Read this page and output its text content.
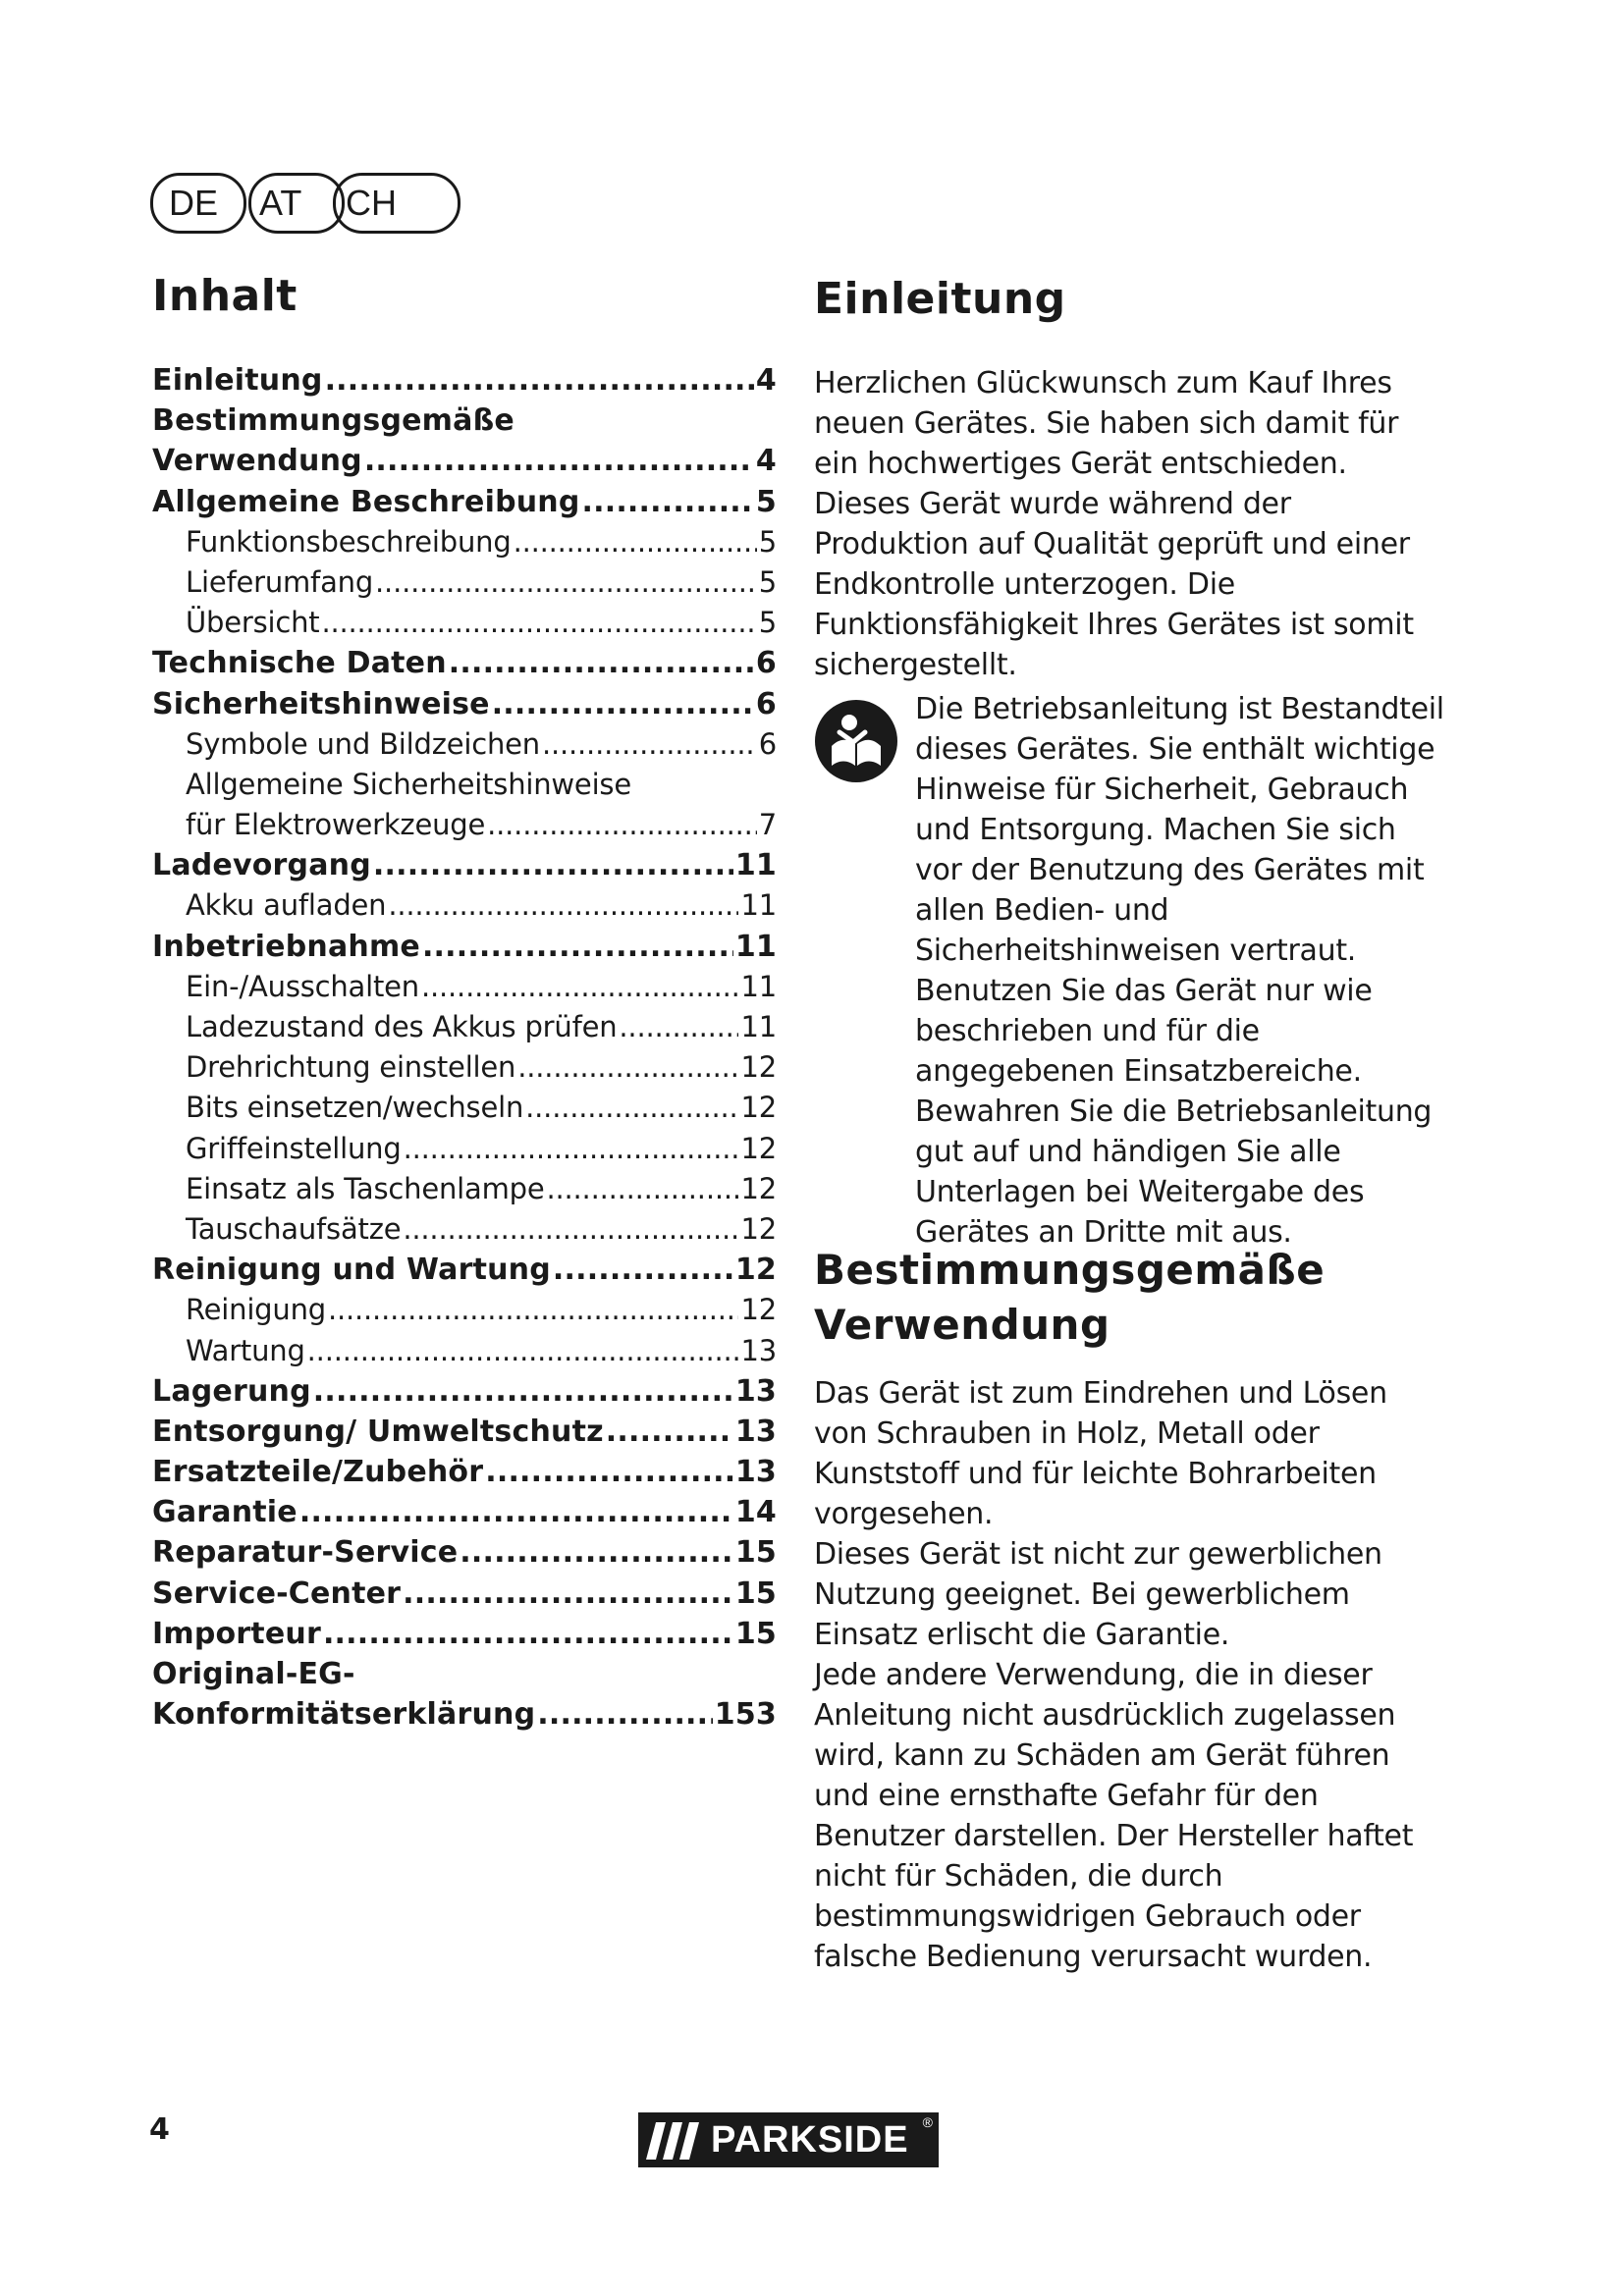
DE AT CH
Inhalt
Einleitung .....	4
Bestimmungsgemäße
Verwendung .....	4
Allgemeine Beschreibung .....	5
Funktionsbeschreibung .....	5
Lieferumfang .....	5
Übersicht .....	5
Technische Daten .....	6
Sicherheitshinweise .....	6
Symbole und Bildzeichen .....	6
Allgemeine Sicherheitshinweise
für Elektrowerkzeuge .....	7
Ladevorgang .....	11
Akku aufladen .....	11
Inbetriebnahme .....	11
Ein-/Ausschalten .....	11
Ladezustand des Akkus prüfen .....	11
Drehrichtung einstellen .....	12
Bits einsetzen/wechseln .....	12
Griffeinstellung .....	12
Einsatz als Taschenlampe .....	12
Tauschaufsätze .....	12
Reinigung und Wartung .....	12
Reinigung .....	12
Wartung .....	13
Lagerung .....	13
Entsorgung/ Umweltschutz .....	13
Ersatzteile/Zubehör .....	13
Garantie .....	14
Reparatur-Service .....	15
Service-Center .....	15
Importeur .....	15
Original-EG-
Konformitätserklärung .....	153
Einleitung

Herzlichen Glückwunsch zum Kauf Ihres neuen Gerätes. Sie haben sich damit für ein hochwertiges Gerät entschieden. Dieses Gerät wurde während der Produktion auf Qualität geprüft und einer Endkontrolle unterzogen. Die Funktionsfähigkeit Ihres Gerätes ist somit sichergestellt.

Die Betriebsanleitung ist Bestandteil dieses Gerätes. Sie enthält wichtige Hinweise für Sicherheit, Gebrauch und Entsorgung. Machen Sie sich vor der Benutzung des Gerätes mit allen Bedien- und Sicherheitshinweisen vertraut. Benutzen Sie das Gerät nur wie beschrieben und für die angegebenen Einsatzbereiche. Bewahren Sie die Betriebsanleitung gut auf und händigen Sie alle Unterlagen bei Weitergabe des Gerätes an Dritte mit aus.

Bestimmungsgemäße Verwendung
Das Gerät ist zum Eindrehen und Lösen von Schrauben in Holz, Metall oder Kunststoff und für leichte Bohrarbeiten vorgesehen.
Dieses Gerät ist nicht zur gewerblichen Nutzung geeignet. Bei gewerblichem Einsatz erlischt die Garantie.
Jede andere Verwendung, die in dieser Anleitung nicht ausdrücklich zugelassen wird, kann zu Schäden am Gerät führen und eine ernsthafte Gefahr für den Benutzer darstellen. Der Hersteller haftet nicht für Schäden, die durch bestimmungswidrigen Gebrauch oder falsche Bedienung verursacht wurden.
4	PARKSIDE ®
